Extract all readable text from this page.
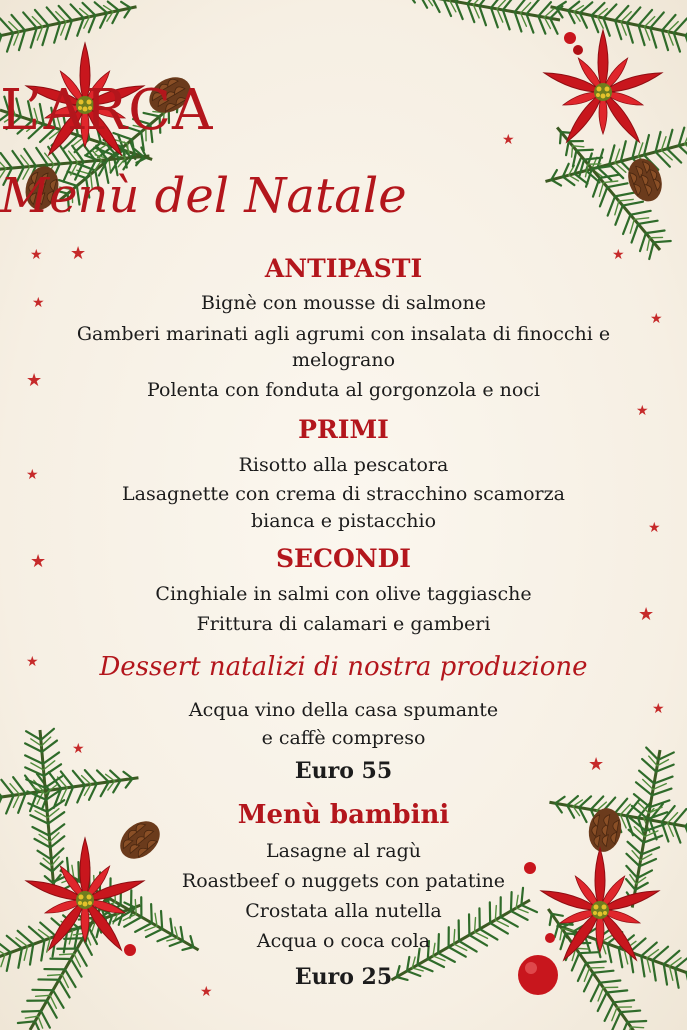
★ ★
★
★
★
★
★
★
★
★
★
★
★
★
★
★
★
L’ARCA
Menù del Natale
ANTIPASTI
Bignè con mousse di salmone
Gamberi marinati agli agrumi con insalata di finocchi e
melograno
Polenta con fonduta al gorgonzola e noci
PRIMI
Risotto alla pescatora
Lasagnette con crema di stracchino scamorza
bianca e pistacchio
SECONDI
Cinghiale in salmi con olive taggiasche
Frittura di calamari e gamberi
Dessert natalizi di nostra produzione
Acqua vino della casa spumante
e caffè compreso
Euro 55
Menù bambini
Lasagne al ragù
Roastbeef o nuggets con patatine
Crostata alla nutella
Acqua o coca cola
Euro 25
